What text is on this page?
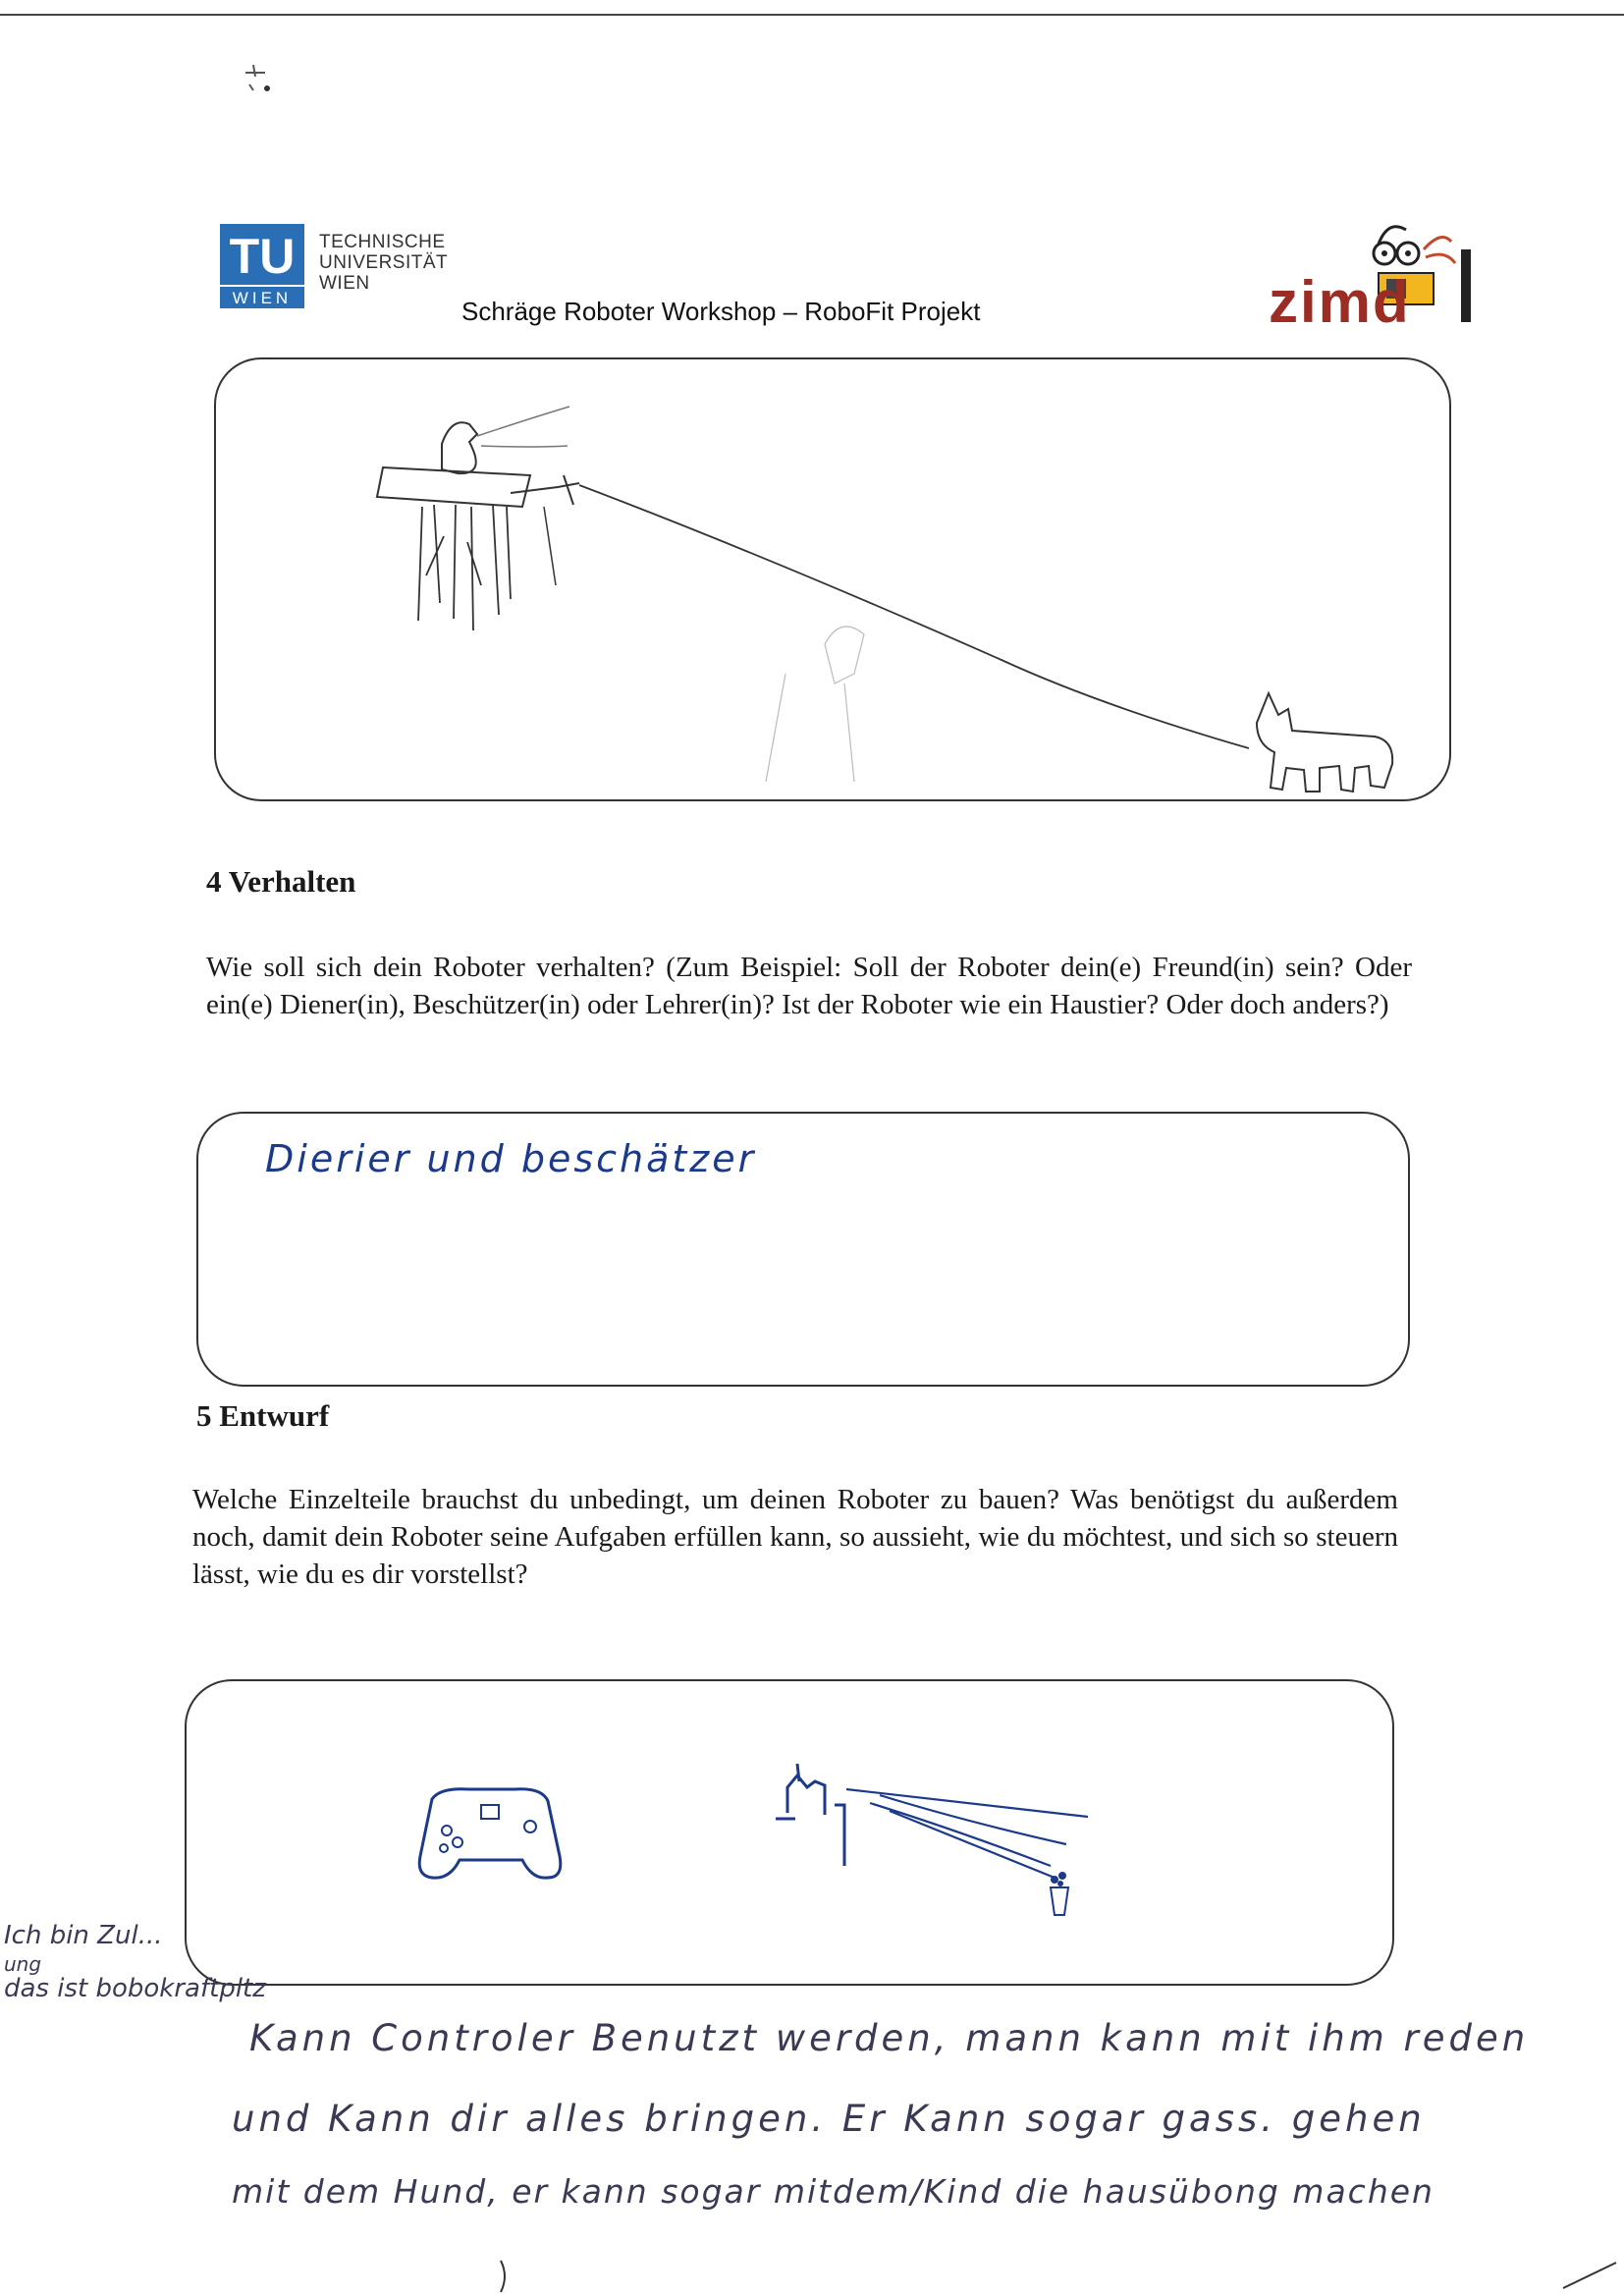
TU
WIEN
TECHNISCHE
UNIVERSITÄT
WIEN
Schräge Roboter Workshop – RoboFit Projekt	zimd
4 Verhalten
Wie soll sich dein Roboter verhalten? (Zum Beispiel: Soll der Roboter dein(e) Freund(in) sein? Oder ein(e) Diener(in), Beschützer(in) oder Lehrer(in)? Ist der Roboter wie ein Haustier? Oder doch anders?)
Dierier und beschätzer
5 Entwurf
Welche Einzelteile brauchst du unbedingt, um deinen Roboter zu bauen? Was benötigst du außerdem noch, damit dein Roboter seine Aufgaben erfüllen kann, so aussieht, wie du möchtest, und sich so steuern lässt, wie du es dir vorstellst?
Ich bin Zul...
ung
das ist bobokraftpltz
Kann Controler Benutzt werden, mann kann mit ihm reden
und Kann dir alles bringen. Er Kann sogar gass. gehen
mit dem Hund, er kann sogar mitdem/Kind die hausübong machen
